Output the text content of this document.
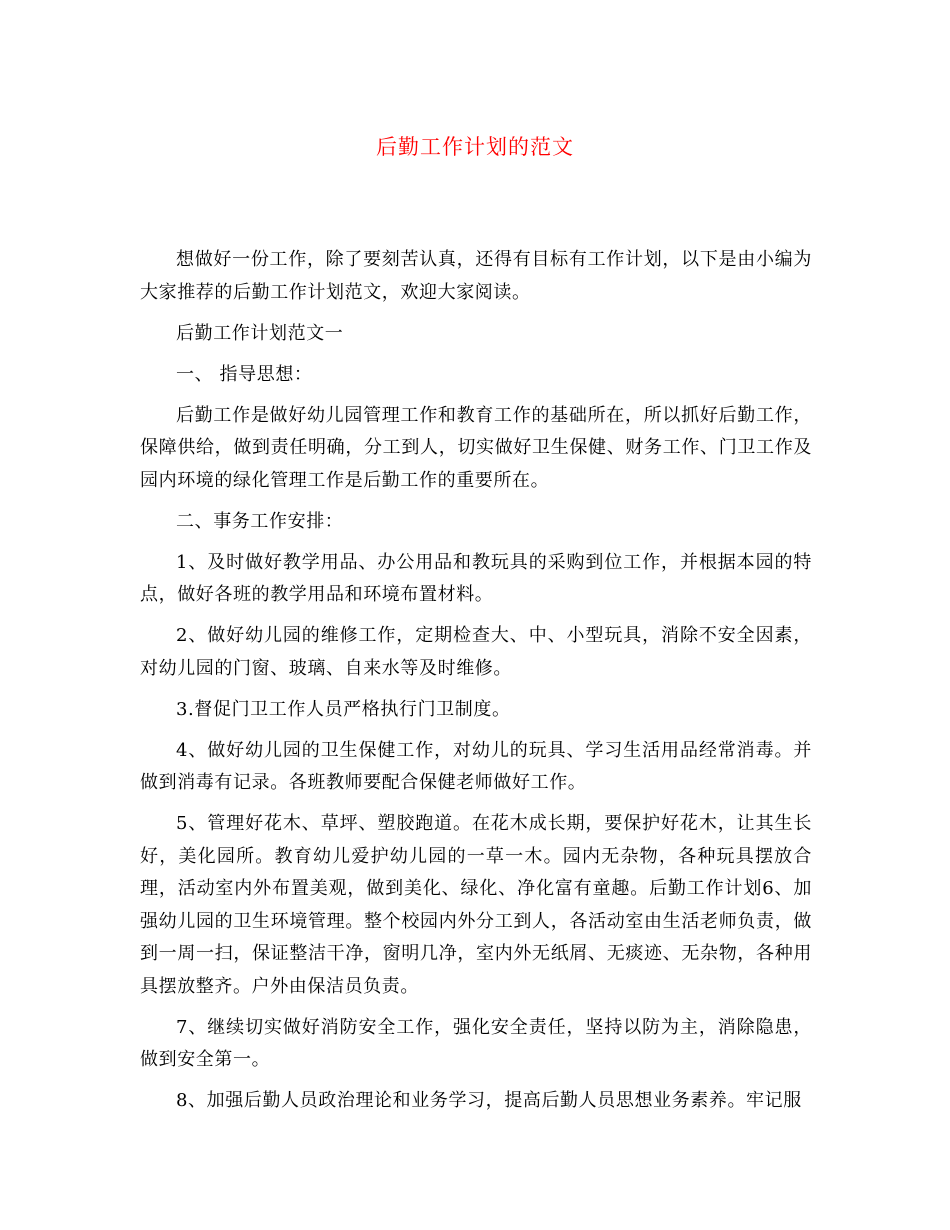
后勤工作计划的范文

想做好一份工作，除了要刻苦认真，还得有目标有工作计划，以下是由小编为大家推荐的后勤工作计划范文，欢迎大家阅读。

后勤工作计划范文一

一、 指导思想：

后勤工作是做好幼儿园管理工作和教育工作的基础所在，所以抓好后勤工作，保障供给，做到责任明确，分工到人，切实做好卫生保健、财务工作、门卫工作及园内环境的绿化管理工作是后勤工作的重要所在。

二、事务工作安排：

1、及时做好教学用品、办公用品和教玩具的采购到位工作，并根据本园的特点，做好各班的教学用品和环境布置材料。

2、做好幼儿园的维修工作，定期检查大、中、小型玩具，消除不安全因素，对幼儿园的门窗、玻璃、自来水等及时维修。

3.督促门卫工作人员严格执行门卫制度。

4、做好幼儿园的卫生保健工作，对幼儿的玩具、学习生活用品经常消毒。并做到消毒有记录。各班教师要配合保健老师做好工作。

5、管理好花木、草坪、塑胶跑道。在花木成长期，要保护好花木，让其生长好，美化园所。教育幼儿爱护幼儿园的一草一木。园内无杂物，各种玩具摆放合理，活动室内外布置美观，做到美化、绿化、净化富有童趣。后勤工作计划6、加强幼儿园的卫生环境管理。整个校园内外分工到人，各活动室由生活老师负责，做到一周一扫，保证整洁干净，窗明几净，室内外无纸屑、无痰迹、无杂物，各种用具摆放整齐。户外由保洁员负责。

7、继续切实做好消防安全工作，强化安全责任，坚持以防为主，消除隐患，做到安全第一。

8、加强后勤人员政治理论和业务学习，提高后勤人员思想业务素养。牢记服
